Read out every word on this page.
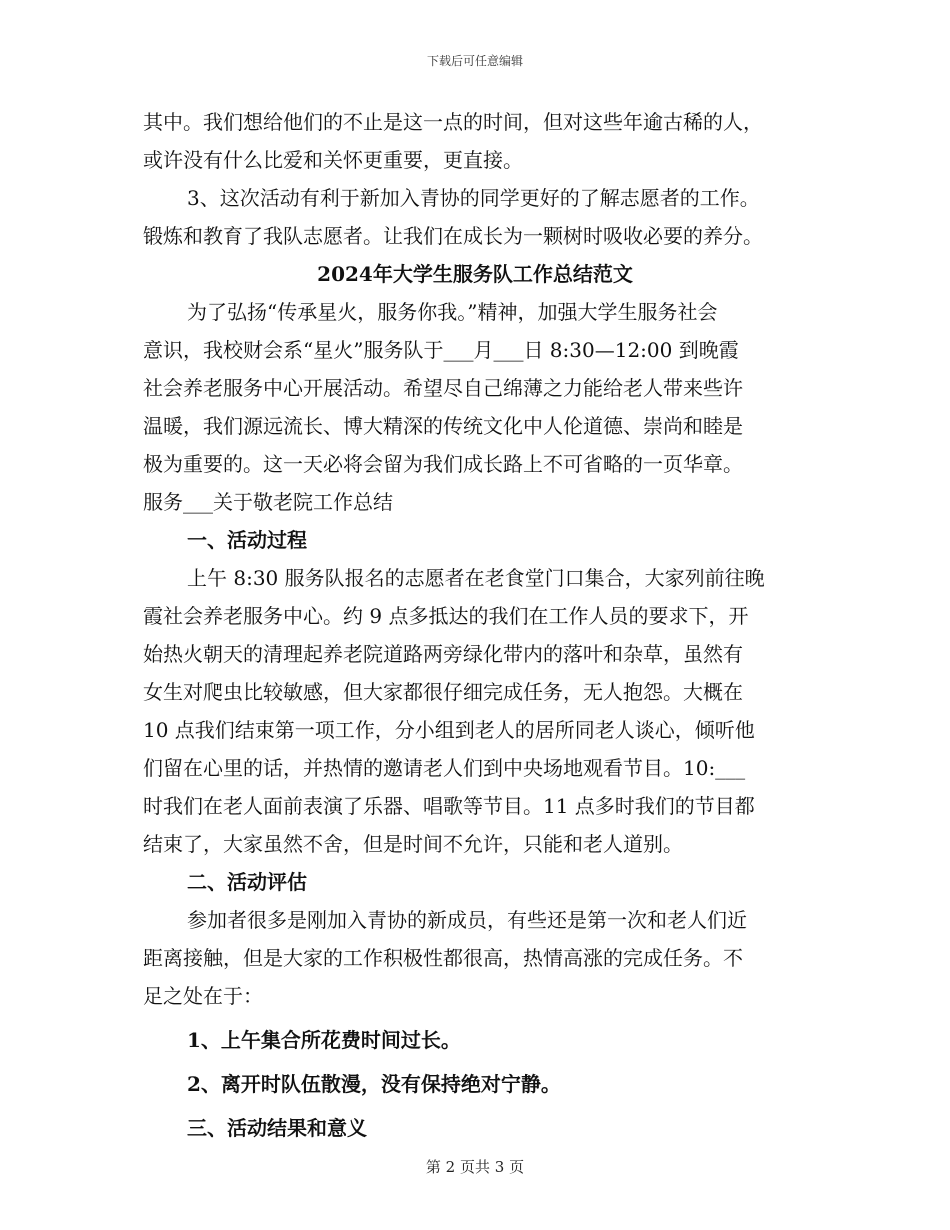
下载后可任意编辑
其中。我们想给他们的不止是这一点的时间，但对这些年逾古稀的人，
或许没有什么比爱和关怀更重要，更直接。
3、这次活动有利于新加入青协的同学更好的了解志愿者的工作。
锻炼和教育了我队志愿者。让我们在成长为一颗树时吸收必要的养分。
2024年大学生服务队工作总结范文
为了弘扬“传承星火，服务你我。”精神，加强大学生服务社会
意识，我校财会系“星火”服务队于___月___日 8:30—12:00 到晚霞
社会养老服务中心开展活动。希望尽自己绵薄之力能给老人带来些许
温暖，我们源远流长、博大精深的传统文化中人伦道德、崇尚和睦是
极为重要的。这一天必将会留为我们成长路上不可省略的一页华章。
服务___关于敬老院工作总结
一、活动过程
上午 8:30 服务队报名的志愿者在老食堂门口集合，大家列前往晚
霞社会养老服务中心。约 9 点多抵达的我们在工作人员的要求下，开
始热火朝天的清理起养老院道路两旁绿化带内的落叶和杂草，虽然有
女生对爬虫比较敏感，但大家都很仔细完成任务，无人抱怨。大概在
10 点我们结束第一项工作，分小组到老人的居所同老人谈心，倾听他
们留在心里的话，并热情的邀请老人们到中央场地观看节目。10:___
时我们在老人面前表演了乐器、唱歌等节目。11 点多时我们的节目都
结束了，大家虽然不舍，但是时间不允许，只能和老人道别。
二、活动评估
参加者很多是刚加入青协的新成员，有些还是第一次和老人们近
距离接触，但是大家的工作积极性都很高，热情高涨的完成任务。不
足之处在于：
1、上午集合所花费时间过长。
2、离开时队伍散漫，没有保持绝对宁静。
三、活动结果和意义
第 2 页共 3 页
